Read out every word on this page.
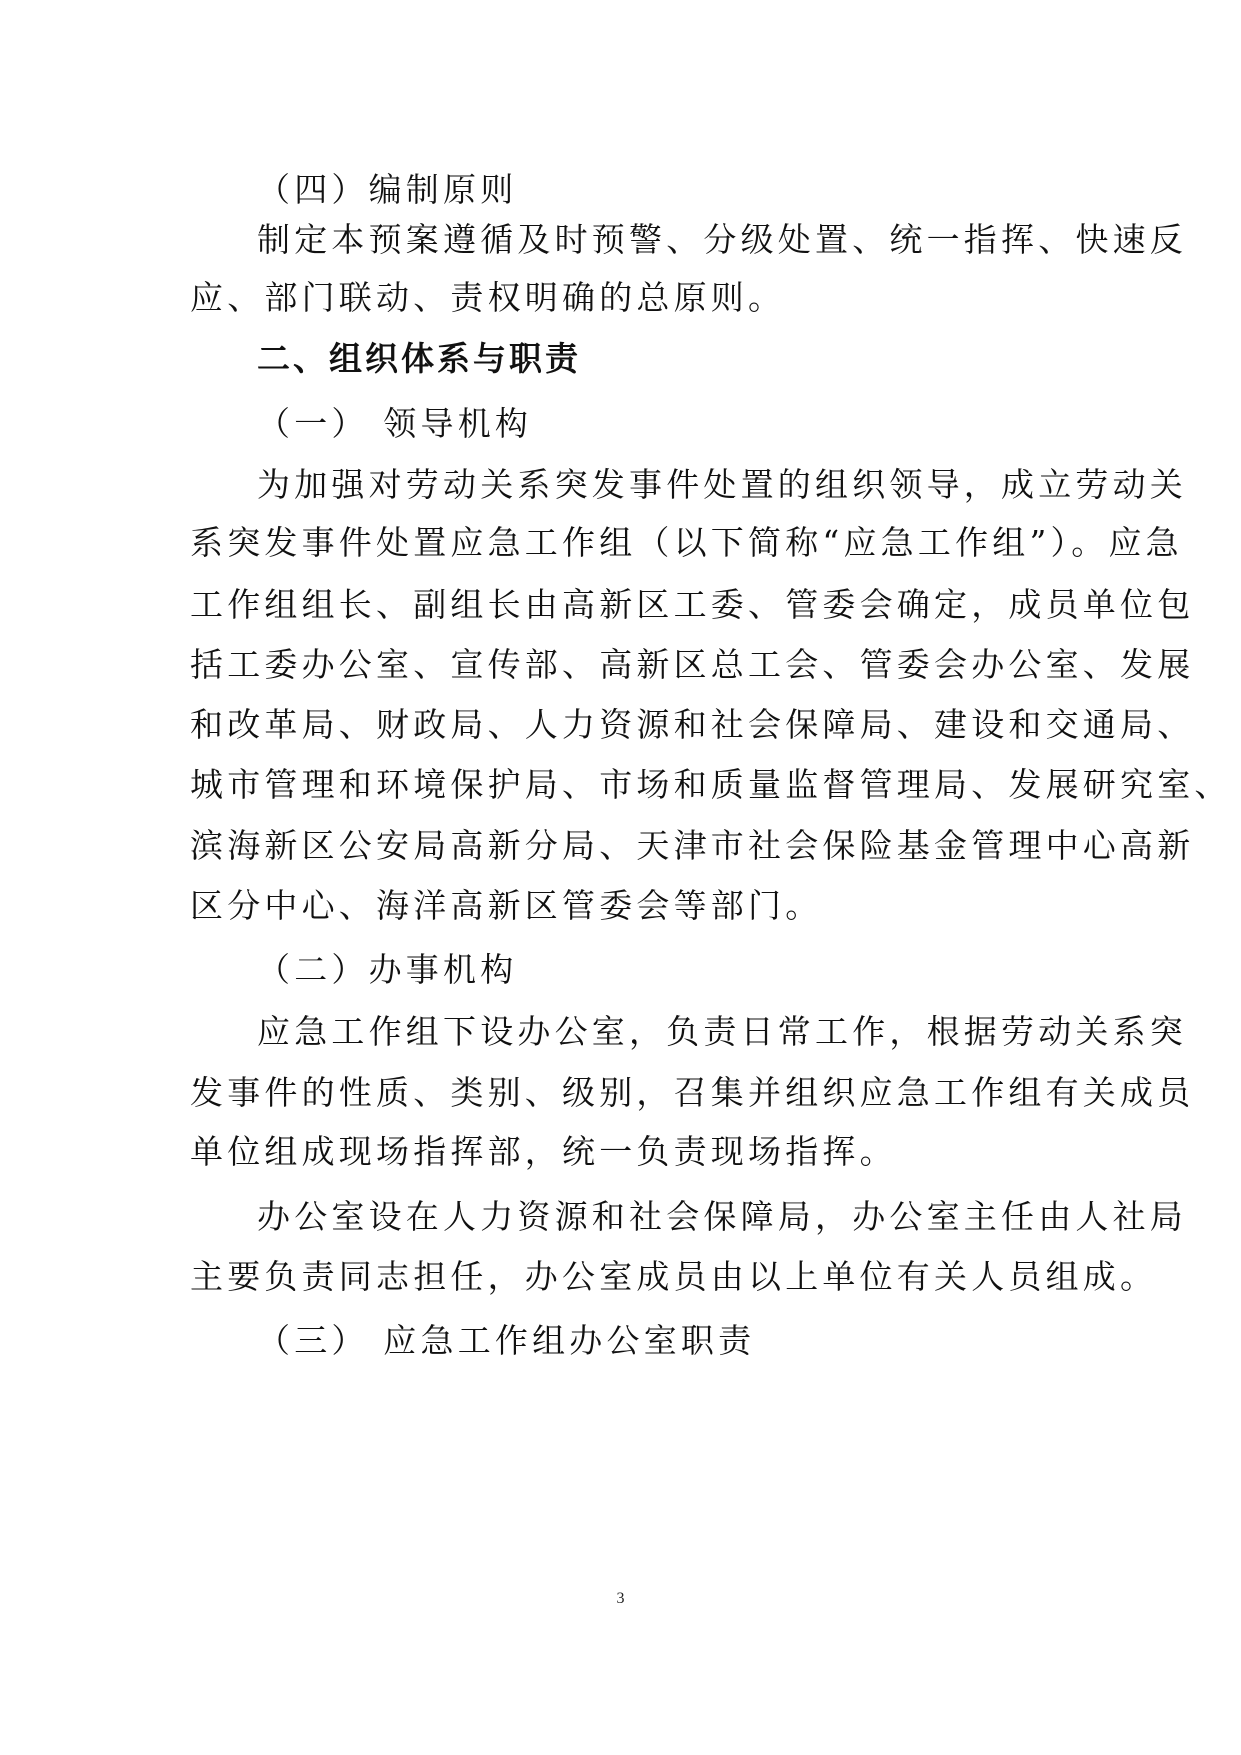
（四）编制原则
制定本预案遵循及时预警、分级处置、统一指挥、快速反
应、部门联动、责权明确的总原则。
二、组织体系与职责
（一） 领导机构
为加强对劳动关系突发事件处置的组织领导，成立劳动关
系突发事件处置应急工作组（以下简称“应急工作组”）。应急
工作组组长、副组长由高新区工委、管委会确定，成员单位包
括工委办公室、宣传部、高新区总工会、管委会办公室、发展
和改革局、财政局、人力资源和社会保障局、建设和交通局、
城市管理和环境保护局、市场和质量监督管理局、发展研究室、
滨海新区公安局高新分局、天津市社会保险基金管理中心高新
区分中心、海洋高新区管委会等部门。
（二）办事机构
应急工作组下设办公室，负责日常工作，根据劳动关系突
发事件的性质、类别、级别，召集并组织应急工作组有关成员
单位组成现场指挥部，统一负责现场指挥。
办公室设在人力资源和社会保障局，办公室主任由人社局
主要负责同志担任，办公室成员由以上单位有关人员组成。
（三） 应急工作组办公室职责
3
